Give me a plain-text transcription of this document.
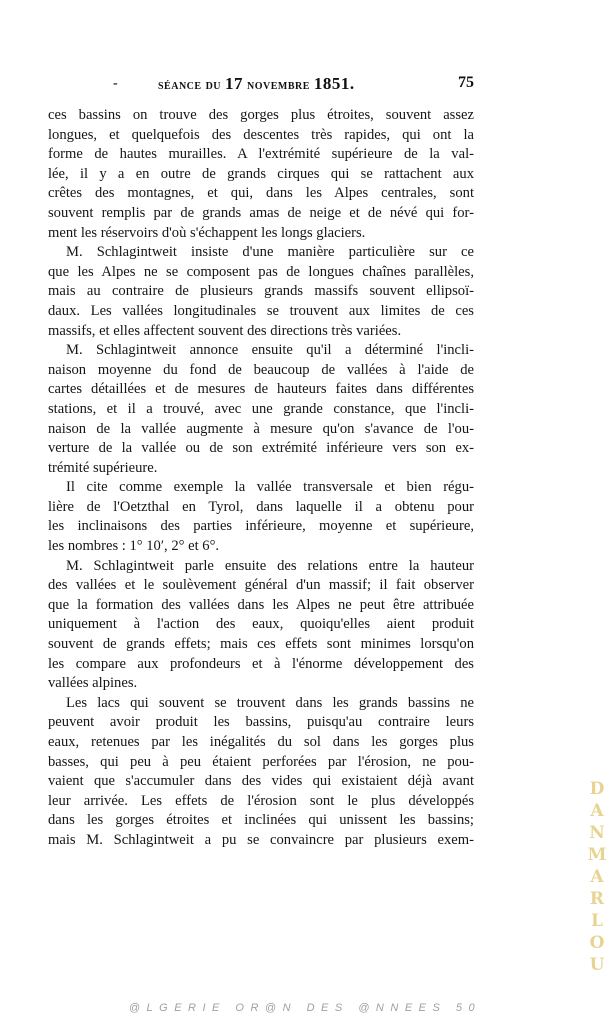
-	séance du 17 novembre 1851.	75
ces bassins on trouve des gorges plus étroites, souvent assez
longues, et quelquefois des descentes très rapides, qui ont la
forme de hautes murailles. A l'extrémité supérieure de la val-
lée, il y a en outre de grands cirques qui se rattachent aux
crêtes des montagnes, et qui, dans les Alpes centrales, sont
souvent remplis par de grands amas de neige et de névé qui for-
ment les réservoirs d'où s'échappent les longs glaciers.
M. Schlagintweit insiste d'une manière particulière sur ce
que les Alpes ne se composent pas de longues chaînes parallèles,
mais au contraire de plusieurs grands massifs souvent ellipsoï-
daux. Les vallées longitudinales se trouvent aux limites de ces
massifs, et elles affectent souvent des directions très variées.
M. Schlagintweit annonce ensuite qu'il a déterminé l'incli-
naison moyenne du fond de beaucoup de vallées à l'aide de
cartes détaillées et de mesures de hauteurs faites dans différentes
stations, et il a trouvé, avec une grande constance, que l'incli-
naison de la vallée augmente à mesure qu'on s'avance de l'ou-
verture de la vallée ou de son extrémité inférieure vers son ex-
trémité supérieure.
Il cite comme exemple la vallée transversale et bien régu-
lière de l'Oetzthal en Tyrol, dans laquelle il a obtenu pour
les inclinaisons des parties inférieure, moyenne et supérieure,
les nombres : 1° 10′, 2° et 6°.
M. Schlagintweit parle ensuite des relations entre la hauteur
des vallées et le soulèvement général d'un massif; il fait observer
que la formation des vallées dans les Alpes ne peut être attribuée
uniquement à l'action des eaux, quoiqu'elles aient produit
souvent de grands effets; mais ces effets sont minimes lorsqu'on
les compare aux profondeurs et à l'énorme développement des
vallées alpines.
Les lacs qui souvent se trouvent dans les grands bassins ne
peuvent avoir produit les bassins, puisqu'au contraire leurs
eaux, retenues par les inégalités du sol dans les gorges plus
basses, qui peu à peu étaient perforées par l'érosion, ne pou-
vaient que s'accumuler dans des vides qui existaient déjà avant
leur arrivée. Les effets de l'érosion sont le plus développés
dans les gorges étroites et inclinées qui unissent les bassins;
mais M. Schlagintweit a pu se convaincre par plusieurs exem-	DANMARLOU
@LGERIE OR@N DES @NNEES 50
